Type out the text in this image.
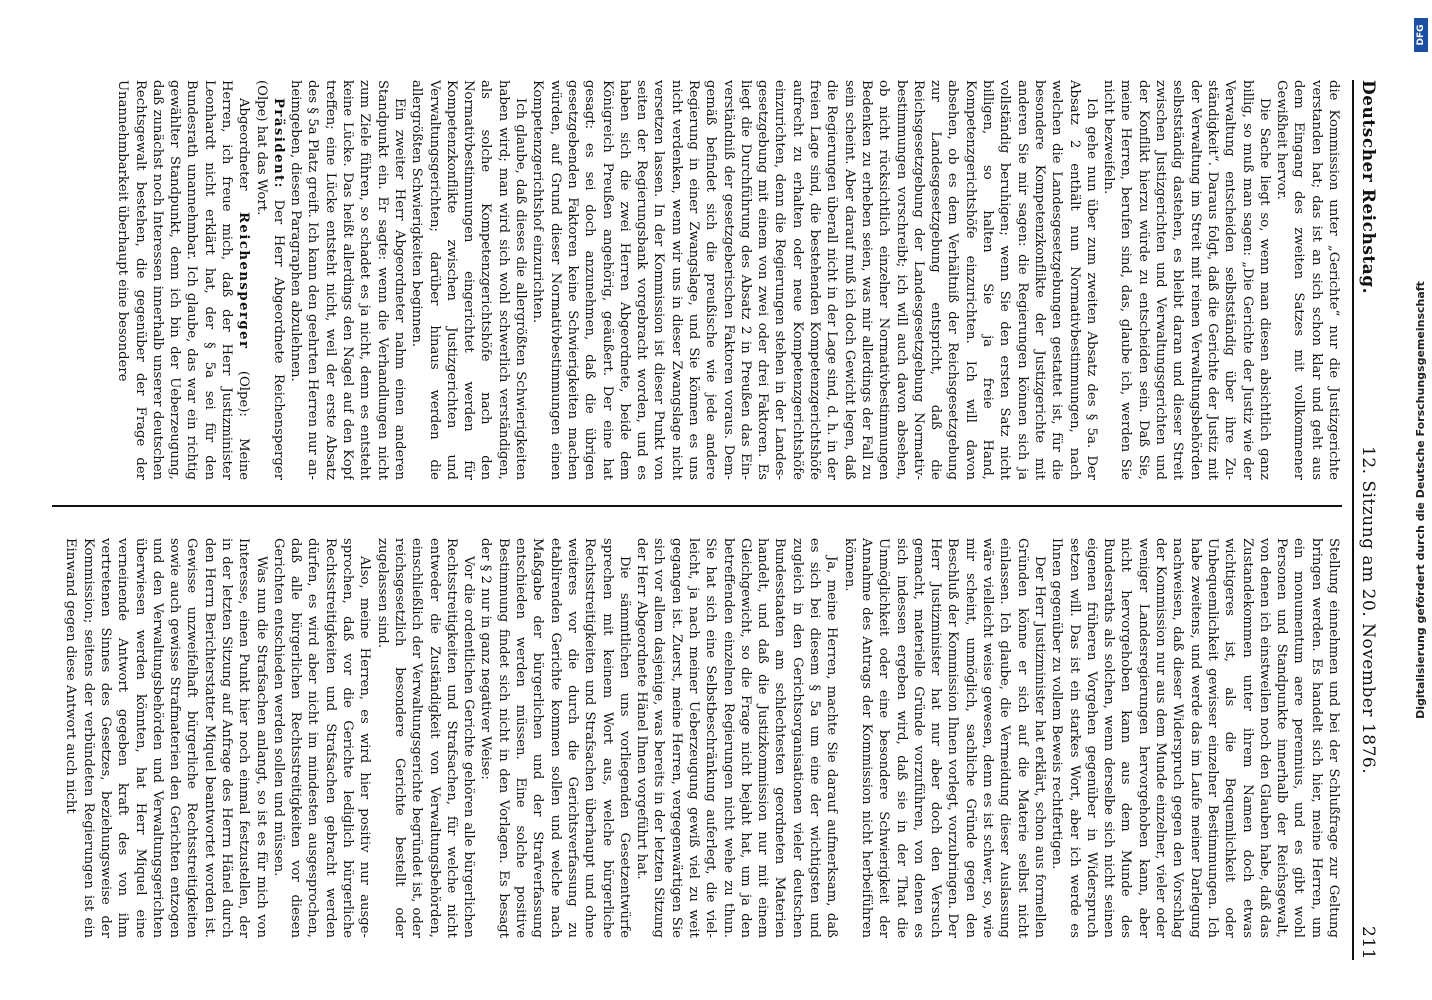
Deutscher Reichstag.
12. Sitzung am 20. November 1876.
211

die Kommission unter „Gerichte“ nur die Justizgerichte verstanden hat; das ist an sich schon klar und geht aus dem Eingang des zweiten Satzes mit vollkommener Gewißheit hervor.

Die Sache liegt so, wenn man diesen absichtlich ganz billig, so muß man sagen: „Die Gerichte der Justiz wie der Verwaltung entscheiden selbstständig über ihre Zuständigkeit“. Daraus folgt, daß die Gerichte der Justiz mit der Verwaltung im Streit mit reinen Verwaltungsbehörden selbstständig dastehen, es bleibt daran und dieser Streit zwischen Justizgerichten und Verwaltungsgerichten und der Konflikt hierzu würde zu entscheiden sein. Daß Sie, meine Herren, berufen sind, das, glaube ich, werden Sie nicht bezweifeln.

Ich gehe nun über zum zweiten Absatz des § 5a. Der Absatz 2 enthält nun Normativbestimmungen, nach welchen die Landesgesetzgebungen gestattet ist, für die besondere Kompetenzkonflikte der Justizgerichte mit anderen Sie mir sagen: die Regierungen können sich ja vollständig beruhigen; wenn Sie den ersten Satz nicht billigen, so halten Sie ja freie Hand, Kompetenzgerichtshöfe einzurichten. Ich will davon absehen, ob es dem Verhältniß der Reichsgesetzgebung zur Landesgesetzgebung entspricht, daß die Reichsgesetzgebung der Landesgesetzgebung Normativbestimmungen vorschreibt; ich will auch davon absehen, ob nicht rücksichtlich einzelner Normativbestimmungen Bedenken zu erheben seien, was mir allerdings der Fall zu sein scheint. Aber darauf muß ich doch Gewicht legen, daß die Regierungen überall nicht in der Lage sind, d. h. in der freien Lage sind, die bestehenden Kompetenzgerichtshöfe aufrecht zu erhalten oder neue Kompetenzgerichtshöfe einzurichten, denn die Regierungen stehen in der Landesgesetzgebung mit einem von zwei oder drei Faktoren. Es liegt die Durchführung des Absatz 2 in Preußen das Einverständniß der gesetzgeberischen Faktoren voraus. Demgemäß befindet sich die preußische wie jede andere Regierung in einer Zwangslage, und Sie können es uns nicht verdenken, wenn wir uns in dieser Zwangslage nicht versetzen lassen. In der Kommission ist dieser Punkt von seiten der Regierungsbank vorgebracht worden, und es haben sich die zwei Herren Abgeordnete, beide dem Königreich Preußen angehörig, geäußert. Der eine hat gesagt: es sei doch anzunehmen, daß die übrigen gesetzgebenden Faktoren keine Schwierigkeiten machen würden, auf Grund dieser Normativbestimmungen einen Kompetenzgerichtshof einzurichten.

Ich glaube, daß dieses die allergrößten Schwierigkeiten haben wird; man wird sich wohl schwerlich verständigen, als solche Kompetenzgerichtshöfe nach den Normativbestimmungen eingerichtet werden für Kompetenzkonflikte zwischen Justizgerichten und Verwaltungsgerichten; darüber hinaus werden die allergrößten Schwierigkeiten beginnen.

Ein zweiter Herr Abgeordneter nahm einen anderen Standpunkt ein. Er sagte: wenn die Verhandlungen nicht zum Ziele führen, so schadet es ja nicht, denn es entsteht keine Lücke. Das heißt allerdings den Nagel auf den Kopf treffen; eine Lücke entsteht nicht, weil der erste Absatz des § 5a Platz greift. Ich kann den geehrten Herren nur anheimgeben, diesen Paragraphen abzulehnen.

Präsident: Der Herr Abgeordnete Reichensperger (Olpe) hat das Wort.

Abgeordneter Reichensperger (Olpe): Meine Herren, ich freue mich, daß der Herr Justizminister Leonhardt nicht erklärt hat, der § 5a sei für den Bundesrath unannehmbar. Ich glaube, das war ein richtig gewählter Standpunkt, denn ich bin der Ueberzeugung, daß zunächst noch Interessen innerhalb unserer deutschen Rechtsgewalt bestehen, die gegenüber der Frage der Unannehmbarkeit überhaupt eine besondere

Stellung einnehmen und bei der Schlußfrage zur Geltung bringen werden. Es handelt sich hier, meine Herren, um ein monumentum aere perennius, und es gibt wohl Personen und Standpunkte innerhalb der Reichsgewalt, von denen ich einstweilen noch den Glauben habe, daß das Zustandekommen unter ihrem Namen doch etwas wichtigeres ist, als die Bequemlichkeit oder Unbequemlichkeit gewisser einzelner Bestimmungen. Ich habe zweitens, und werde das im Laufe meiner Darlegung nachweisen, daß dieser Widerspruch gegen den Vorschlag der Kommission nur aus dem Munde einzelner, vieler oder weniger Landesregierungen hervorgehoben kann, aber nicht hervorgehoben kann aus dem Munde des Bundesraths als solchen, wenn derselbe sich nicht seinen eigenen früheren Vorgehen gegenüber in Widerspruch setzen will. Das ist ein starkes Wort, aber ich werde es Ihnen gegenüber zu vollem Beweis rechtfertigen.

Der Herr Justizminister hat erklärt, schon aus formellen Gründen könne er sich auf die Materie selbst nicht einlassen. Ich glaube, die Vermeidung dieser Auslassung wäre vielleicht weise gewesen, denn es ist schwer, so, wie mir scheint, unmöglich, sachliche Gründe gegen den Beschluß der Kommission Ihnen vorlegt, vorzubringen. Der Herr Justizminister hat nur aber doch den Versuch gemacht, materielle Gründe vorzuführen, von denen es sich indessen ergeben wird, daß sie in der That die Unmöglichkeit oder eine besondere Schwierigkeit der Annahme des Antrags der Kommission nicht herbeiführen können.

Ja, meine Herren, machte Sie darauf aufmerksam, daß es sich bei diesem § 5a um eine der wichtigsten und zugleich in den Gerichtsorganisationen vieler deutschen Bundesstaaten am schlechtesten geordneten Materien handelt, und daß die Justizkommission nur mit einem Gleichgewicht, so die Frage nicht bejaht hat, um ja den betreffenden einzelnen Regierungen nicht wehe zu thun. Sie hat sich eine Selbstbeschränkung auferlegt, die vielleicht, ja nach meiner Ueberzeugung gewiß viel zu weit gegangen ist. Zuerst, meine Herren, vergegenwärtigen Sie sich vor allem dasjenige, was bereits in der letzten Sitzung der Herr Abgeordnete Hänel Ihnen vorgeführt hat.

Die sämmtlichen uns vorliegenden Gesetzentwürfe sprechen mit keinem Wort aus, welche bürgerliche Rechtsstreitigkeiten und Strafsachen überhaupt und ohne weiteres vor die durch die Gerichtsverfassung zu etablirenden Gerichte kommen sollen und welche nach Maßgabe der bürgerlichen und der Strafverfassung entschieden werden müssen. Eine solche positive Bestimmung findet sich nicht in den Vorlagen. Es besagt der § 2 nur in ganz negativer Weise:

Vor die ordentlichen Gerichte gehören alle bürgerlichen Rechtsstreitigkeiten und Strafsachen, für welche nicht entweder die Zuständigkeit von Verwaltungsbehörden, einschließlich der Verwaltungsgerichte begründet ist, oder reichsgesetzlich besondere Gerichte bestellt oder zugelassen sind.

Also, meine Herren, es wird hier positiv nur ausgesprochen, daß vor die Gerichte lediglich bürgerliche Rechtsstreitigkeiten und Strafsachen gebracht werden dürfen, es wird aber nicht im mindesten ausgesprochen, daß alle bürgerlichen Rechtsstreitigkeiten vor diesen Gerichten entschieden werden sollen und müssen.

Was nun die Strafsachen anlangt, so ist es für mich von Interesse, einen Punkt hier noch einmal festzustellen, der in der letzten Sitzung auf Anfrage des Herrn Hänel durch den Herrn Berichterstatter Miquel beantwortet worden ist. Gewisse unzweifelhaft bürgerliche Rechtsstreitigkeiten sowie auch gewisse Strafmaterien den Gerichten entzogen und den Verwaltungsbehörden und Verwaltungsgerichten überwiesen werden könnten, hat Herr Miquel eine verneinende Antwort gegeben kraft des von ihm vertretenen Sinnes des Gesetzes, beziehungsweise der Kommission; seitens der verbündeten Regierungen ist ein Einwand gegen diese Antwort auch nicht

DFG
Digitalisierung gefördert durch die Deutsche Forschungsgemeinschaft
